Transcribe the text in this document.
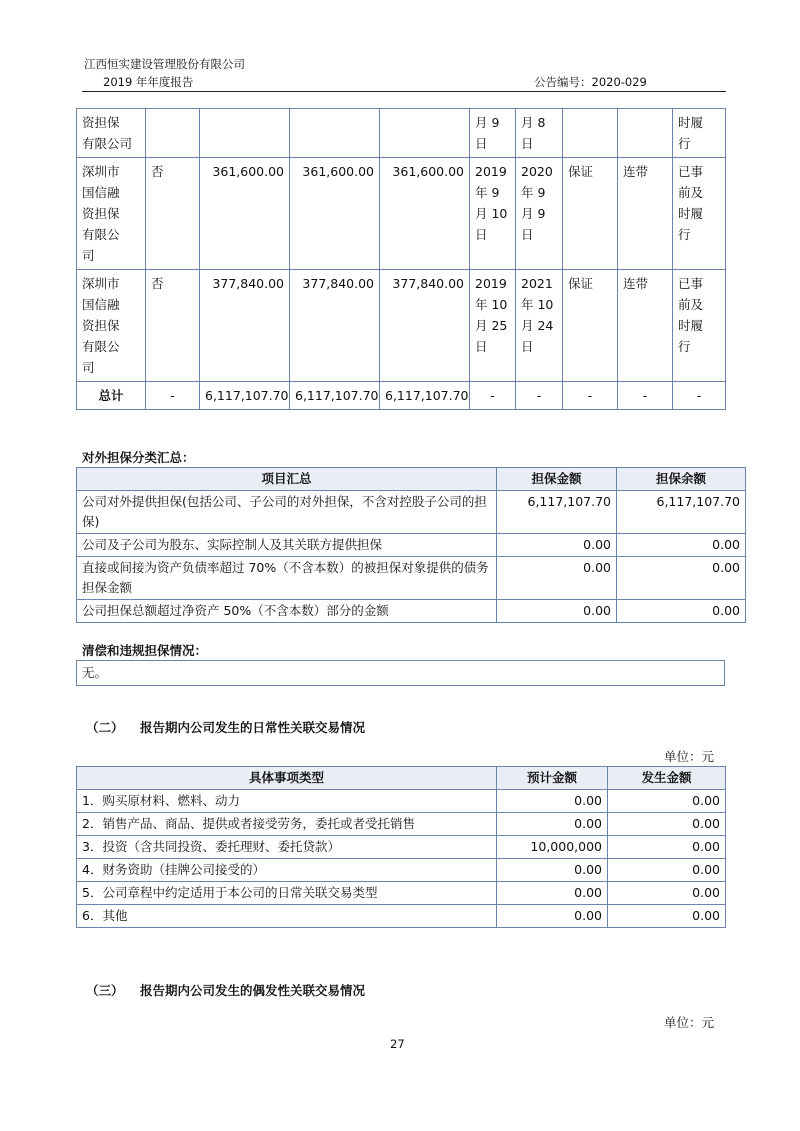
江西恒实建设管理股份有限公司
2019 年年度报告	公告编号：2020-029
资担保
有限公司					月 9
日	月 8
日			时履
行
深圳市
国信融
资担保
有限公
司	否	361,600.00	361,600.00	361,600.00	2019
年 9
月 10
日	2020
年 9
月 9
日	保证	连带	已事
前及
时履
行
深圳市
国信融
资担保
有限公
司	否	377,840.00	377,840.00	377,840.00	2019
年 10
月 25
日	2021
年 10
月 24
日	保证	连带	已事
前及
时履
行
总计	-	6,117,107.70	6,117,107.70	6,117,107.70	-	-	-	-	-
对外担保分类汇总：
项目汇总	担保金额	担保余额
公司对外提供担保(包括公司、子公司的对外担保，不含对控股子公司的担保)	6,117,107.70	6,117,107.70
公司及子公司为股东、实际控制人及其关联方提供担保	0.00	0.00
直接或间接为资产负债率超过 70%（不含本数）的被担保对象提供的债务担保金额	0.00	0.00
公司担保总额超过净资产 50%（不含本数）部分的金额	0.00	0.00
清偿和违规担保情况：
无。
（二） 报告期内公司发生的日常性关联交易情况
单位：元
具体事项类型	预计金额	发生金额
1．购买原材料、燃料、动力	0.00	0.00
2．销售产品、商品、提供或者接受劳务，委托或者受托销售	0.00	0.00
3．投资（含共同投资、委托理财、委托贷款）	10,000,000	0.00
4．财务资助（挂牌公司接受的）	0.00	0.00
5．公司章程中约定适用于本公司的日常关联交易类型	0.00	0.00
6．其他	0.00	0.00
（三） 报告期内公司发生的偶发性关联交易情况
单位：元
27
